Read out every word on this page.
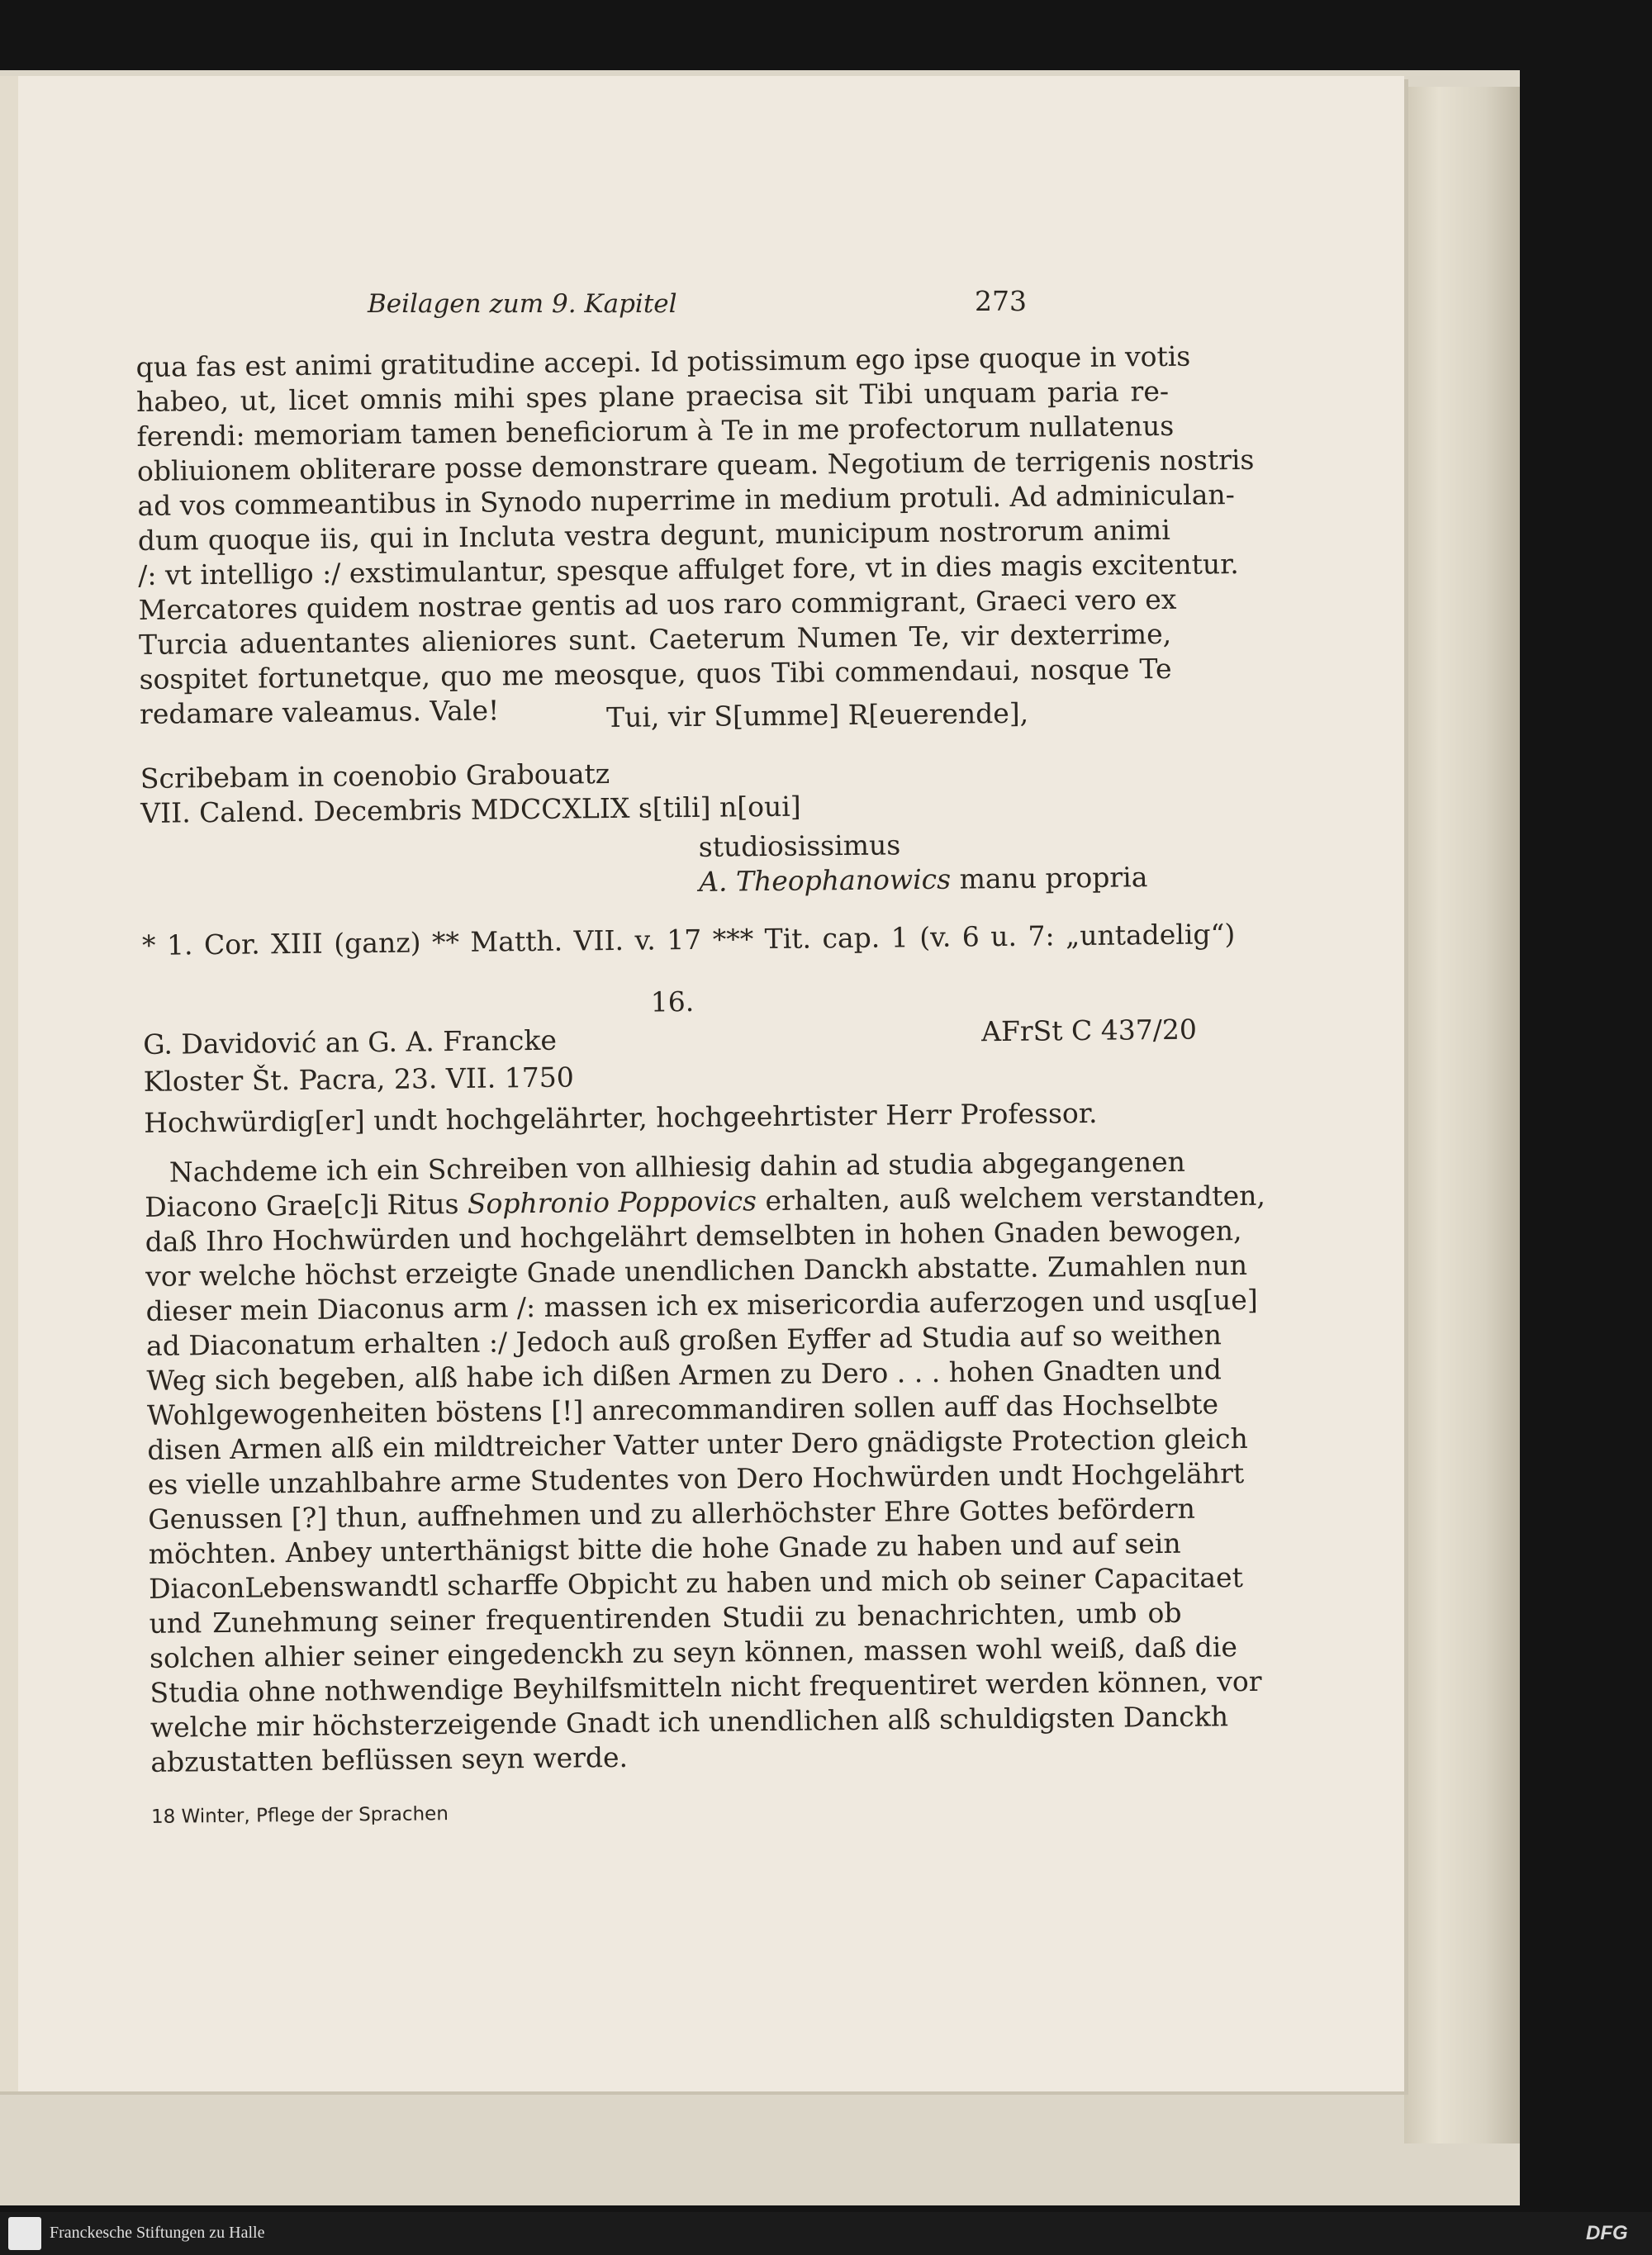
Beilagen zum 9. Kapitel	273
qua fas est animi gratitudine accepi. Id potissimum ego ipse quoque in votis
habeo, ut, licet omnis mihi spes plane praecisa sit Tibi unquam paria re-
ferendi: memoriam tamen beneficiorum à Te in me profectorum nullatenus
obliuionem obliterare posse demonstrare queam. Negotium de terrigenis nostris
ad vos commeantibus in Synodo nuperrime in medium protuli. Ad adminiculan-
dum quoque iis, qui in Incluta vestra degunt, municipum nostrorum animi
/: vt intelligo :/ exstimulantur, spesque affulget fore, vt in dies magis excitentur.
Mercatores quidem nostrae gentis ad uos raro commigrant, Graeci vero ex
Turcia aduentantes alieniores sunt. Caeterum Numen Te, vir dexterrime,
sospitet fortunetque, quo me meosque, quos Tibi commendaui, nosque Te
redamare valeamus. Vale!	Tui, vir S[umme] R[euerende],
Scribebam in coenobio Grabouatz
VII. Calend. Decembris MDCCXLIX s[tili] n[oui]
studiosissimus
A. Theophanowics manu propria
* 1. Cor. XIII (ganz) ** Matth. VII. v. 17 *** Tit. cap. 1 (v. 6 u. 7: „untadelig“)
16.
G. Davidović an G. A. Francke	AFrSt C 437/20
Kloster Št. Pacra, 23. VII. 1750
Hochwürdig[er] undt hochgelährter, hochgeehrtister Herr Professor.
Nachdeme ich ein Schreiben von allhiesig dahin ad studia abgegangenen
Diacono Grae[c]i Ritus Sophronio Poppovics erhalten, auß welchem verstandten,
daß Ihro Hochwürden und hochgelährt demselbten in hohen Gnaden bewogen,
vor welche höchst erzeigte Gnade unendlichen Danckh abstatte. Zumahlen nun
dieser mein Diaconus arm /: massen ich ex misericordia auferzogen und usq[ue]
ad Diaconatum erhalten :/ Jedoch auß großen Eyffer ad Studia auf so weithen
Weg sich begeben, alß habe ich dißen Armen zu Dero . . . hohen Gnadten und
Wohlgewogenheiten böstens [!] anrecommandiren sollen auff das Hochselbte
disen Armen alß ein mildtreicher Vatter unter Dero gnädigste Protection gleich
es vielle unzahlbahre arme Studentes von Dero Hochwürden undt Hochgelährt
Genussen [?] thun, auffnehmen und zu allerhöchster Ehre Gottes befördern
möchten. Anbey unterthänigst bitte die hohe Gnade zu haben und auf sein
DiaconLebenswandtl scharffe Obpicht zu haben und mich ob seiner Capacitaet
und Zunehmung seiner frequentirenden Studii zu benachrichten, umb ob
solchen alhier seiner eingedenckh zu seyn können, massen wohl weiß, daß die
Studia ohne nothwendige Beyhilfsmitteln nicht frequentiret werden können, vor
welche mir höchsterzeigende Gnadt ich unendlichen alß schuldigsten Danckh
abzustatten beflüssen seyn werde.
18 Winter, Pflege der Sprachen
Franckesche Stiftungen zu Halle	DFG
